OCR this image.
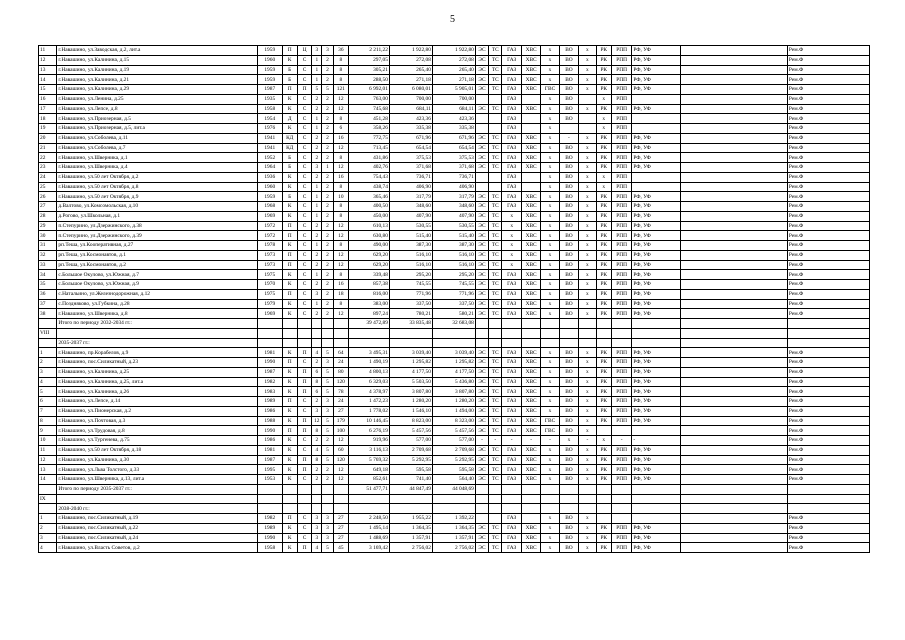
5
11	г.Навашино, ул.Заводская, д.2, лит.а	1959	П	Ц	3	3	36	2 211,22	1 922,80	1 922,80	ЭС	ТС	ГАЗ	ХВС	х	ВО	х	РК	РПП	РФ, УФ		Рем.Ф
12	г.Навашино, ул.Калинина, д.15	1960	К	С	1	2	8	297,05	272,08	272,08	ЭС	ТС	ГАЗ	ХВС	х	ВО	х	РК	РПП	РФ, УФ		Рем.Ф
13	г.Навашино, ул.Калинина, д.19	1959	Б	С	1	2	8	305,21	265,40	265,40	ЭС	ТС	ГАЗ	ХВС	х	ВО	х	РК	РПП	РФ, УФ		Рем.Ф
14	г.Навашино, ул.Калинина, д.21	1959	Б	С	1	2	8	288,50	271,18	271,18	ЭС	ТС	ГАЗ	ХВС	х	ВО	х	РК	РПП	РФ, УФ		Рем.Ф
15	г.Навашино, ул.Калинина, д.29	1987	П	П	5	5	121	6 992,01	6 080,01	5 905,01	ЭС	ТС	ГАЗ	ХВС	ГВС	ВО	х	РК	РПП	РФ, УФ		Рем.Ф
16	г.Навашино, ул.Ленина, д.25	1935	К	С	2	2	12	763,00	700,00	700,00			ГАЗ		х	ВО		х	РПП			Рем.Ф
17	г.Навашино, ул.Лепсе, д.8	1958	К	С	2	2	12	745,68	684,11	684,11	ЭС	ТС	ГАЗ	ХВС	х	ВО	х	РК	РПП	РФ, УФ		Рем.Ф
18	г.Навашино, ул.Приозерная, д.5	1954	Д	С	1	2	8	451,28	423,36	423,36			ГАЗ		х	ВО		х	РПП			Рем.Ф
19	г.Навашино, ул.Приозерная, д.5, лит.а	1976	К	С	1	2	6	358,26	335,38	335,38			ГАЗ		х			х	РПП			Рем.Ф
20	г.Навашино, ул.Соболева, д.11	1941	КД	С	2	2	16	772,75	671,96	671,96	ЭС	ТС	ГАЗ	ХВС	х	-	х	РК	РПП	РФ, УФ		Рем.Ф
21	г.Навашино, ул.Соболева, д.7	1941	КД	С	2	2	12	713,45	654,54	654,54	ЭС	ТС	ГАЗ	ХВС	х	ВО	х	РК	РПП	РФ, УФ		Рем.Ф
22	г.Навашино, ул.Шверника, д.1	1952	Б	С	2	2	8	431,86	375,53	375,53	ЭС	ТС	ГАЗ	ХВС	х	ВО	х	РК	РПП	РФ, УФ		Рем.Ф
23	г.Навашино, ул.Шверника, д.4	1964	Б	С	3	1	12	402,76	371,68	371,68	ЭС	ТС	ГАЗ	ХВС	х	ВО	х	РК	РПП	РФ, УФ		Рем.Ф
24	г.Навашино, ул.50 лет Октября, д.2	1936	К	С	2	2	16	754,43	736,71	736,71			ГАЗ		х	ВО	х	х	РПП			Рем.Ф
25	г.Навашино, ул.50 лет Октября, д.8	1960	К	С	1	2	8	438,74	406,90	406,90			ГАЗ		х	ВО	х	х	РПП			Рем.Ф
26	г.Навашино, ул.50 лет Октября, д.9	1959	Б	С	1	2	10	365,46	317,79	317,79	ЭС	ТС	ГАЗ	ХВС	х	ВО	х	РК	РПП	РФ, УФ		Рем.Ф
27	д.Валтово, ул.Комсомольская, д.10	1968	К	С	1	2	8	400,50	348,60	348,60	ЭС	ТС	ГАЗ	ХВС	х	ВО	х	РК	РПП	РФ, УФ		Рем.Ф
28	д.Роговo, ул.Школьная, д.1	1969	К	С	1	2	8	450,00	407,90	407,90	ЭС	ТС	х	ХВС	х	ВО	х	РК	РПП	РФ, УФ		Рем.Ф
29	п.Степурино, ул.Дзержинского, д.38	1972	П	С	2	2	12	610,13	530,55	530,55	ЭС	ТС	х	ХВС	х	ВО	х	РК	РПП	РФ, УФ		Рем.Ф
30	п.Степурино, ул.Дзержинского, д.39	1972	П	С	2	2	12	630,80	515,40	515,40	ЭС	ТС	х	ХВС	х	ВО	х	РК	РПП	РФ, УФ		Рем.Ф
31	рп.Теша, ул.Кооперативная, д.27	1978	К	С	1	2	8	490,00	387,30	387,30	ЭС	ТС	х	ХВС	х	ВО	х	РК	РПП	РФ, УФ		Рем.Ф
32	рп.Теша, ул.Космонавтов, д.1	1973	П	С	2	2	12	629,20	516,10	516,10	ЭС	ТС	х	ХВС	х	ВО	х	РК	РПП	РФ, УФ		Рем.Ф
33	рп.Теша, ул.Космонавтов, д.2	1973	П	С	2	2	12	629,20	516,10	516,10	ЭС	ТС	х	ХВС	х	ВО	х	РК	РПП	РФ, УФ		Рем.Ф
34	с.Большое Окулово, ул.Южная, д.7	1975	К	С	1	2	8	339,48	295,20	295,20	ЭС	ТС	ГАЗ	ХВС	х	ВО	х	РК	РПП	РФ, УФ		Рем.Ф
35	с.Большое Окулово, ул.Южная, д.9	1970	К	С	2	2	16	857,38	745,55	745,55	ЭС	ТС	ГАЗ	ХВС	х	ВО	х	РК	РПП	РФ, УФ		Рем.Ф
36	с.Натальино, ул.Железнодорожная, д.12	1975	П	С	3	2	18	816,00	771,96	771,96	ЭС	ТС	ГАЗ	ХВС	х	ВО	х	РК	РПП	РФ, УФ		Рем.Ф
37	с.Поздняково, ул.Губкина, д.28	1979	К	С	1	2	8	383,00	337,50	337,50	ЭС	ТС	ГАЗ	ХВС	х	ВО	х	РК	РПП	РФ, УФ		Рем.Ф
38	г.Навашино, ул.Шверника, д.8	1969	К	С	2	2	12	897,24	780,21	580,21	ЭС	ТС	ГАЗ	ХВС	х	ВО	х	РК	РПП	РФ, УФ		Рем.Ф
	Итого по периоду 2032-2034 гг.:							39 472,89	33 835,48	32 683,08												
VIII																						
	2035-2037 гг.:																					
1	г.Навашино, пр.Корабелов, д.9	1981	К	П	4	5	64	3 495,31	3 039,40	3 039,40	ЭС	ТС	ГАЗ	ХВС	х	ВО	х	РК	РПП	РФ, УФ		Рем.Ф
2	г.Навашино, пос.Силикатный, д.23	1990	П	С	2	3	24	1 490,19	1 295,82	1 295,82	ЭС	ТС	ГАЗ	ХВС	х	ВО	х	РК	РПП	РФ, УФ		Рем.Ф
3	г.Навашино, ул.Калинина, д.25	1987	К	П	6	5	80	4 800,13	4 177,50	4 177,50	ЭС	ТС	ГАЗ	ХВС	х	ВО	х	РК	РПП	РФ, УФ		Рем.Ф
4	г.Навашино, ул.Калинина, д.25, лит.а	1982	К	П	8	5	120	6 329,03	5 503,50	5 436,80	ЭС	ТС	ГАЗ	ХВС	х	ВО	х	РК	РПП	РФ, УФ		Рем.Ф
5	г.Навашино, ул.Калинина, д.26	1983	К	П	6	5	78	4 378,97	3 807,80	3 807,80	ЭС	ТС	ГАЗ	ХВС	х	ВО	х	РК	РПП	РФ, УФ		Рем.Ф
6	г.Навашино, ул.Лепсе, д.14	1989	П	С	2	3	24	1 472,23	1 280,20	1 280,20	ЭС	ТС	ГАЗ	ХВС	х	ВО	х	РК	РПП	РФ, УФ		Рем.Ф
7	г.Навашино, ул.Пионерская, д.2	1986	К	С	3	3	27	1 778,02	1 546,10	1 494,00	ЭС	ТС	ГАЗ	ХВС	х	ВО	х	РК	РПП	РФ, УФ		Рем.Ф
8	г.Навашино, ул.Почтовая, д.3	1988	К	П	12	5	179	10 146,45	8 823,00	8 323,00	ЭС	ТС	ГАЗ	ХВС	ГВС	ВО	х	РК	РПП	РФ, УФ		Рем.Ф
9	г.Навашино, ул.Трудовая, д.8	1990	П	П	8	5	100	6 276,19	5 457,56	5 457,56	ЭС	ТС	ГАЗ	ХВС	ГВС	ВО	х					Рем.Ф
10	г.Навашино, ул.Тургенева, д.75	1986	К	С	2	2	12	919,96	577,00	577,00	-	-	-	-	-	х	-	х	-	-		Рем.Ф
11	г.Навашино, ул.50 лет Октября, д.18	1981	К	С	4	5	60	3 116,13	2 709,68	2 709,68	ЭС	ТС	ГАЗ	ХВС	х	ВО	х	РК	РПП	РФ, УФ		Рем.Ф
12	г.Навашино, ул.Калинина, д.30	1987	К	П	8	5	120	5 769,32	5 292,95	5 292,95	ЭС	ТС	ГАЗ	ХВС	х	ВО	х	РК	РПП	РФ, УФ		Рем.Ф
13	г.Навашино, ул.Льва Толстого, д.33	1995	К	П	2	2	12	649,18	595,58	595,58	ЭС	ТС	ГАЗ	ХВС	х	ВО	х	РК	РПП	РФ, УФ		Рем.Ф
14	г.Навашино, ул.Шверника, д.13, лит.а	1953	К	С	2	2	12	852,61	741,40	564,40	ЭС	ТС	ГАЗ	ХВС	х	ВО	х	РК	РПП	РФ, УФ		Рем.Ф
	Итого по периоду 2035-2037 гг.:							51 477,71	44 847,49	44 048,69												
IX																						
	2038-2040 гг.:																					
1	г.Навашино, пос.Силикатный, д.19	1982	П	С	3	3	27	2 248,50	1 955,22	1 392,22			ГАЗ		х	ВО	х					Рем.Ф
2	г.Навашино, пос.Силикатный, д.22	1989	К	С	3	3	27	1 495,14	1 364,35	1 364,35	ЭС	ТС	ГАЗ	ХВС	х	ВО	х	РК	РПП	РФ, УФ		Рем.Ф
3	г.Навашино, пос.Силикатный, д.24	1990	К	С	3	3	27	1 488,69	1 357,91	1 357,91	ЭС	ТС	ГАЗ	ХВС	х	ВО	х	РК	РПП	РФ, УФ		Рем.Ф
4	г.Навашино, ул.Власть Советов, д.2	1958	К	П	4	5	45	3 169,42	2 756,02	2 756,02	ЭС	ТС	ГАЗ	ХВС	х	ВО	х	РК	РПП	РФ, УФ		Рем.Ф
